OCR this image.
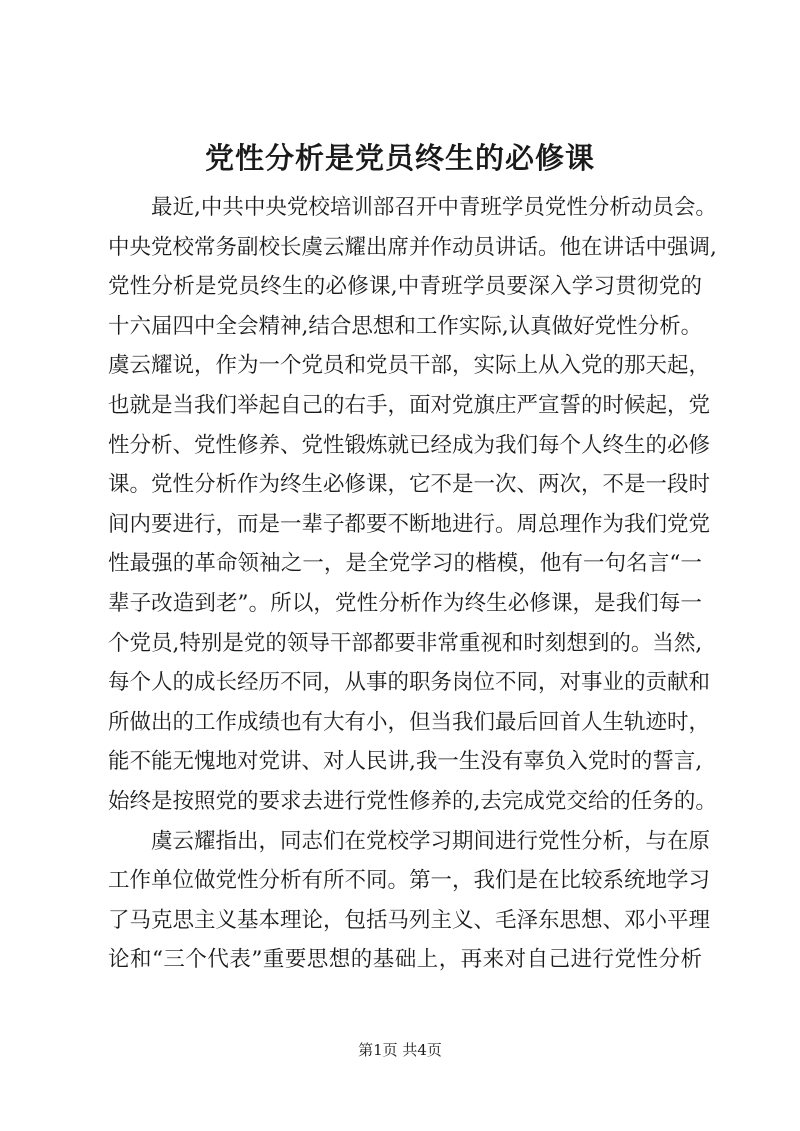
党性分析是党员终生的必修课
最近,中共中央党校培训部召开中青班学员党性分析动员会。
中央党校常务副校长虞云耀出席并作动员讲话。他在讲话中强调,
党性分析是党员终生的必修课,中青班学员要深入学习贯彻党的
十六届四中全会精神,结合思想和工作实际,认真做好党性分析。
虞云耀说，作为一个党员和党员干部，实际上从入党的那天起，
也就是当我们举起自己的右手，面对党旗庄严宣誓的时候起，党
性分析、党性修养、党性锻炼就已经成为我们每个人终生的必修
课。党性分析作为终生必修课，它不是一次、两次，不是一段时
间内要进行，而是一辈子都要不断地进行。周总理作为我们党党
性最强的革命领袖之一，是全党学习的楷模，他有一句名言“一
辈子改造到老”。所以，党性分析作为终生必修课，是我们每一
个党员,特别是党的领导干部都要非常重视和时刻想到的。当然,
每个人的成长经历不同，从事的职务岗位不同，对事业的贡献和
所做出的工作成绩也有大有小，但当我们最后回首人生轨迹时，
能不能无愧地对党讲、对人民讲,我一生没有辜负入党时的誓言,
始终是按照党的要求去进行党性修养的,去完成党交给的任务的。
虞云耀指出，同志们在党校学习期间进行党性分析，与在原
工作单位做党性分析有所不同。第一，我们是在比较系统地学习
了马克思主义基本理论，包括马列主义、毛泽东思想、邓小平理
论和“三个代表”重要思想的基础上，再来对自己进行党性分析
第1页 共4页
